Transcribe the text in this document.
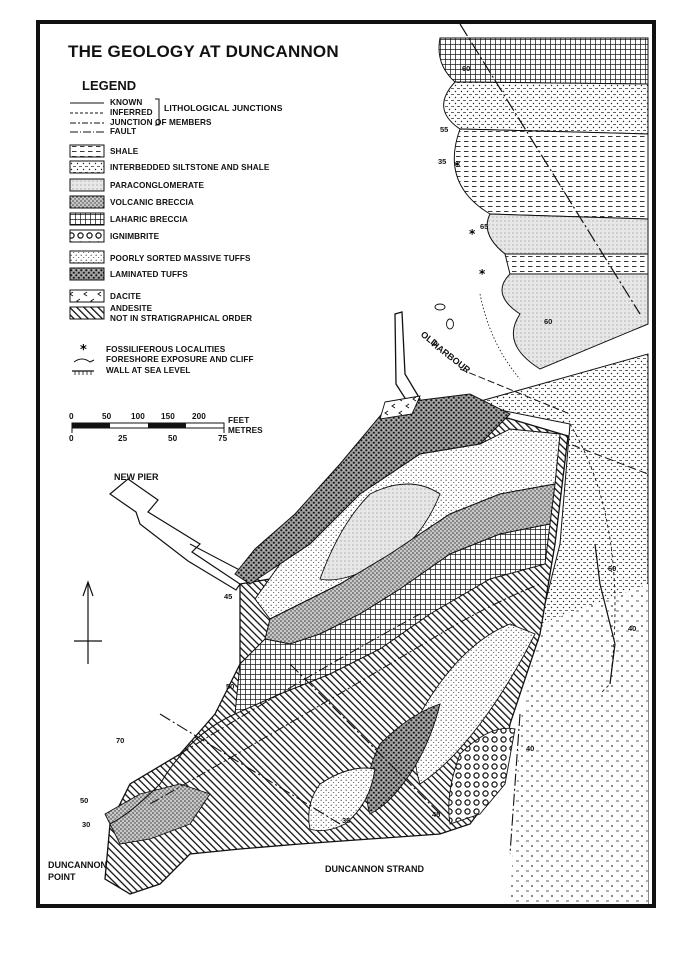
*
*
*
*
THE GEOLOGY AT DUNCANNON
LEGEND
KNOWN
INFERRED LITHOLOGICAL JUNCTIONS
JUNCTION OF MEMBERS
FAULT
SHALE
INTERBEDDED SILTSTONE AND SHALE
PARACONGLOMERATE
VOLCANIC BRECCIA
LAHARIC BRECCIA
IGNIMBRITE
POORLY SORTED MASSIVE TUFFS
LAMINATED TUFFS
DACITE
ANDESITE
NOT IN STRATIGRAPHICAL ORDER
FOSSILIFEROUS LOCALITIES
FORESHORE EXPOSURE AND CLIFF
WALL AT SEA LEVEL
0	50 100 150 200	FEET
0	25	50	75
METRES
NEW PIER
OLD
HARBOUR
DUNCANNON
POINT
DUNCANNON STRAND
60
55
35
65
60
60
40
45
50
70
50
30	35
45
40
